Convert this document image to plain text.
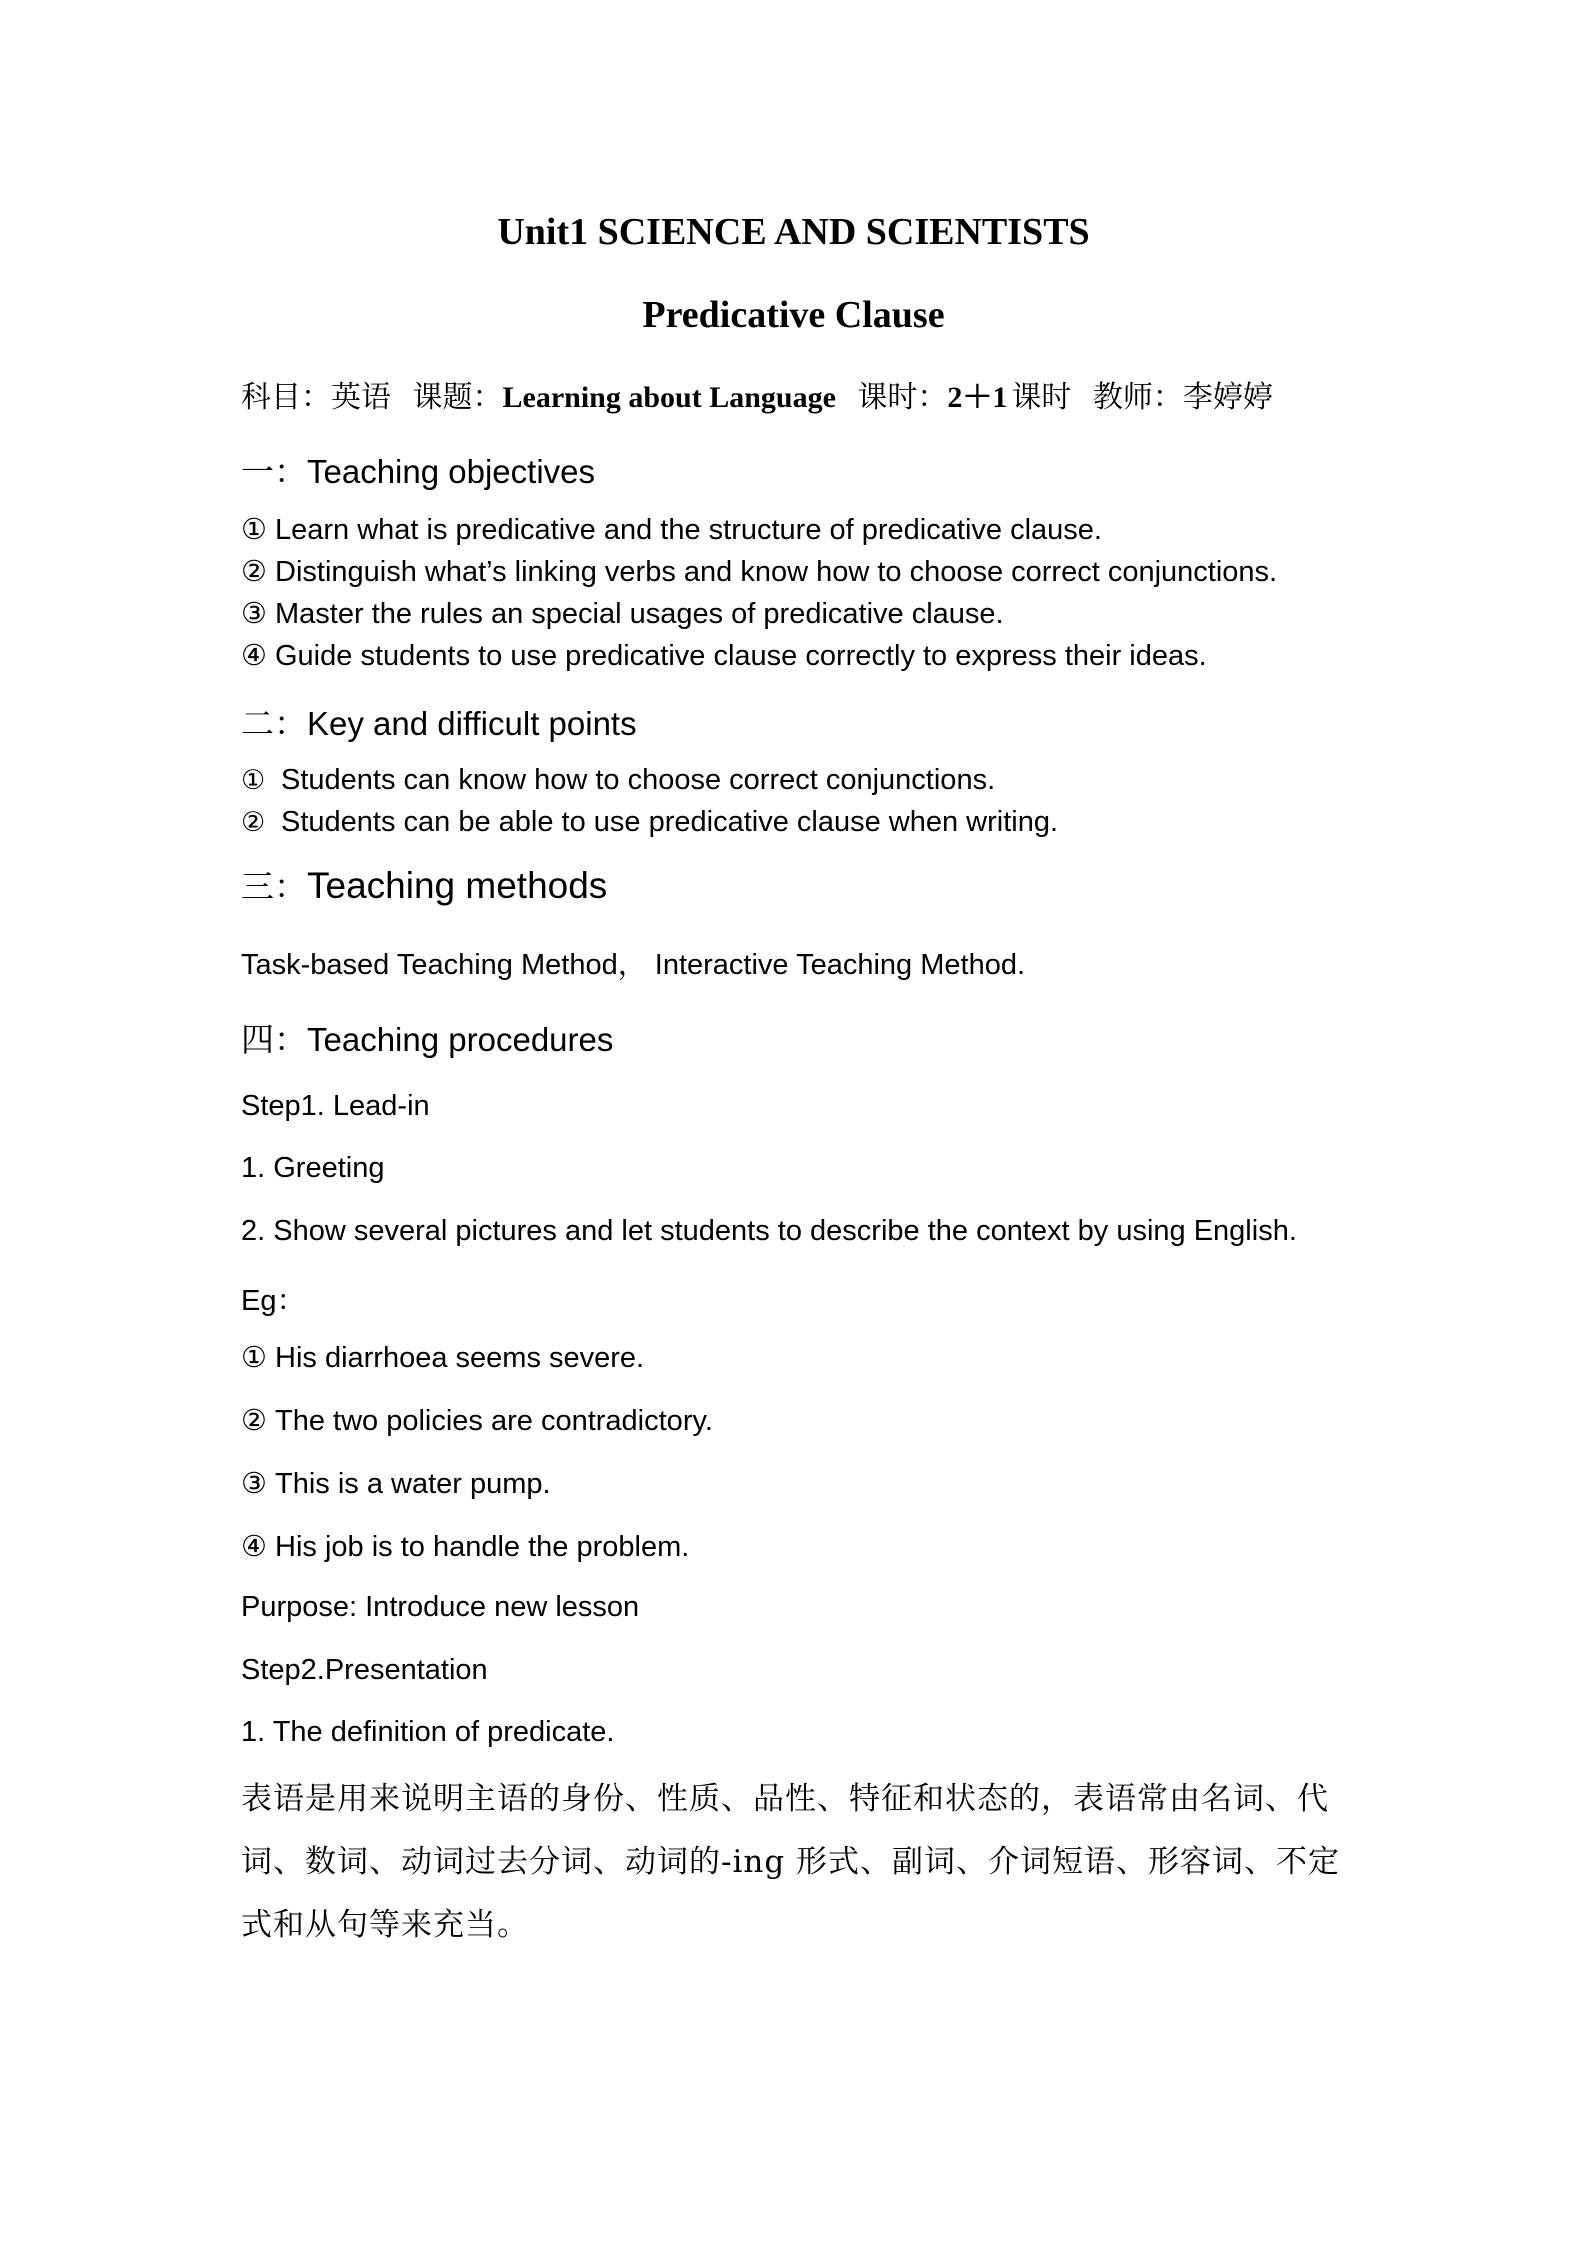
Unit1 SCIENCE AND SCIENTISTS
Predicative Clause
科目：英语 课题：Learning about Language 课时：2＋1 课时 教师：李婷婷
一：Teaching objectives
① Learn what is predicative and the structure of predicative clause.
② Distinguish what’s linking verbs and know how to choose correct conjunctions.
③ Master the rules an special usages of predicative clause.
④ Guide students to use predicative clause correctly to express their ideas.
二：Key and difficult points
① Students can know how to choose correct conjunctions.
② Students can be able to use predicative clause when writing.
三：Teaching methods
Task-based Teaching Method， Interactive Teaching Method.
四：Teaching procedures
Step1. Lead-in
1. Greeting
2. Show several pictures and let students to describe the context by using English.
Eg：
① His diarrhoea seems severe.
② The two policies are contradictory.
③ This is a water pump.
④ His job is to handle the problem.
Purpose: Introduce new lesson
Step2.Presentation
1. The definition of predicate.
表语是用来说明主语的身份、性质、品性、特征和状态的，表语常由名词、代词、数词、动词过去分词、动词的-ing 形式、副词、介词短语、形容词、不定式和从句等来充当。
